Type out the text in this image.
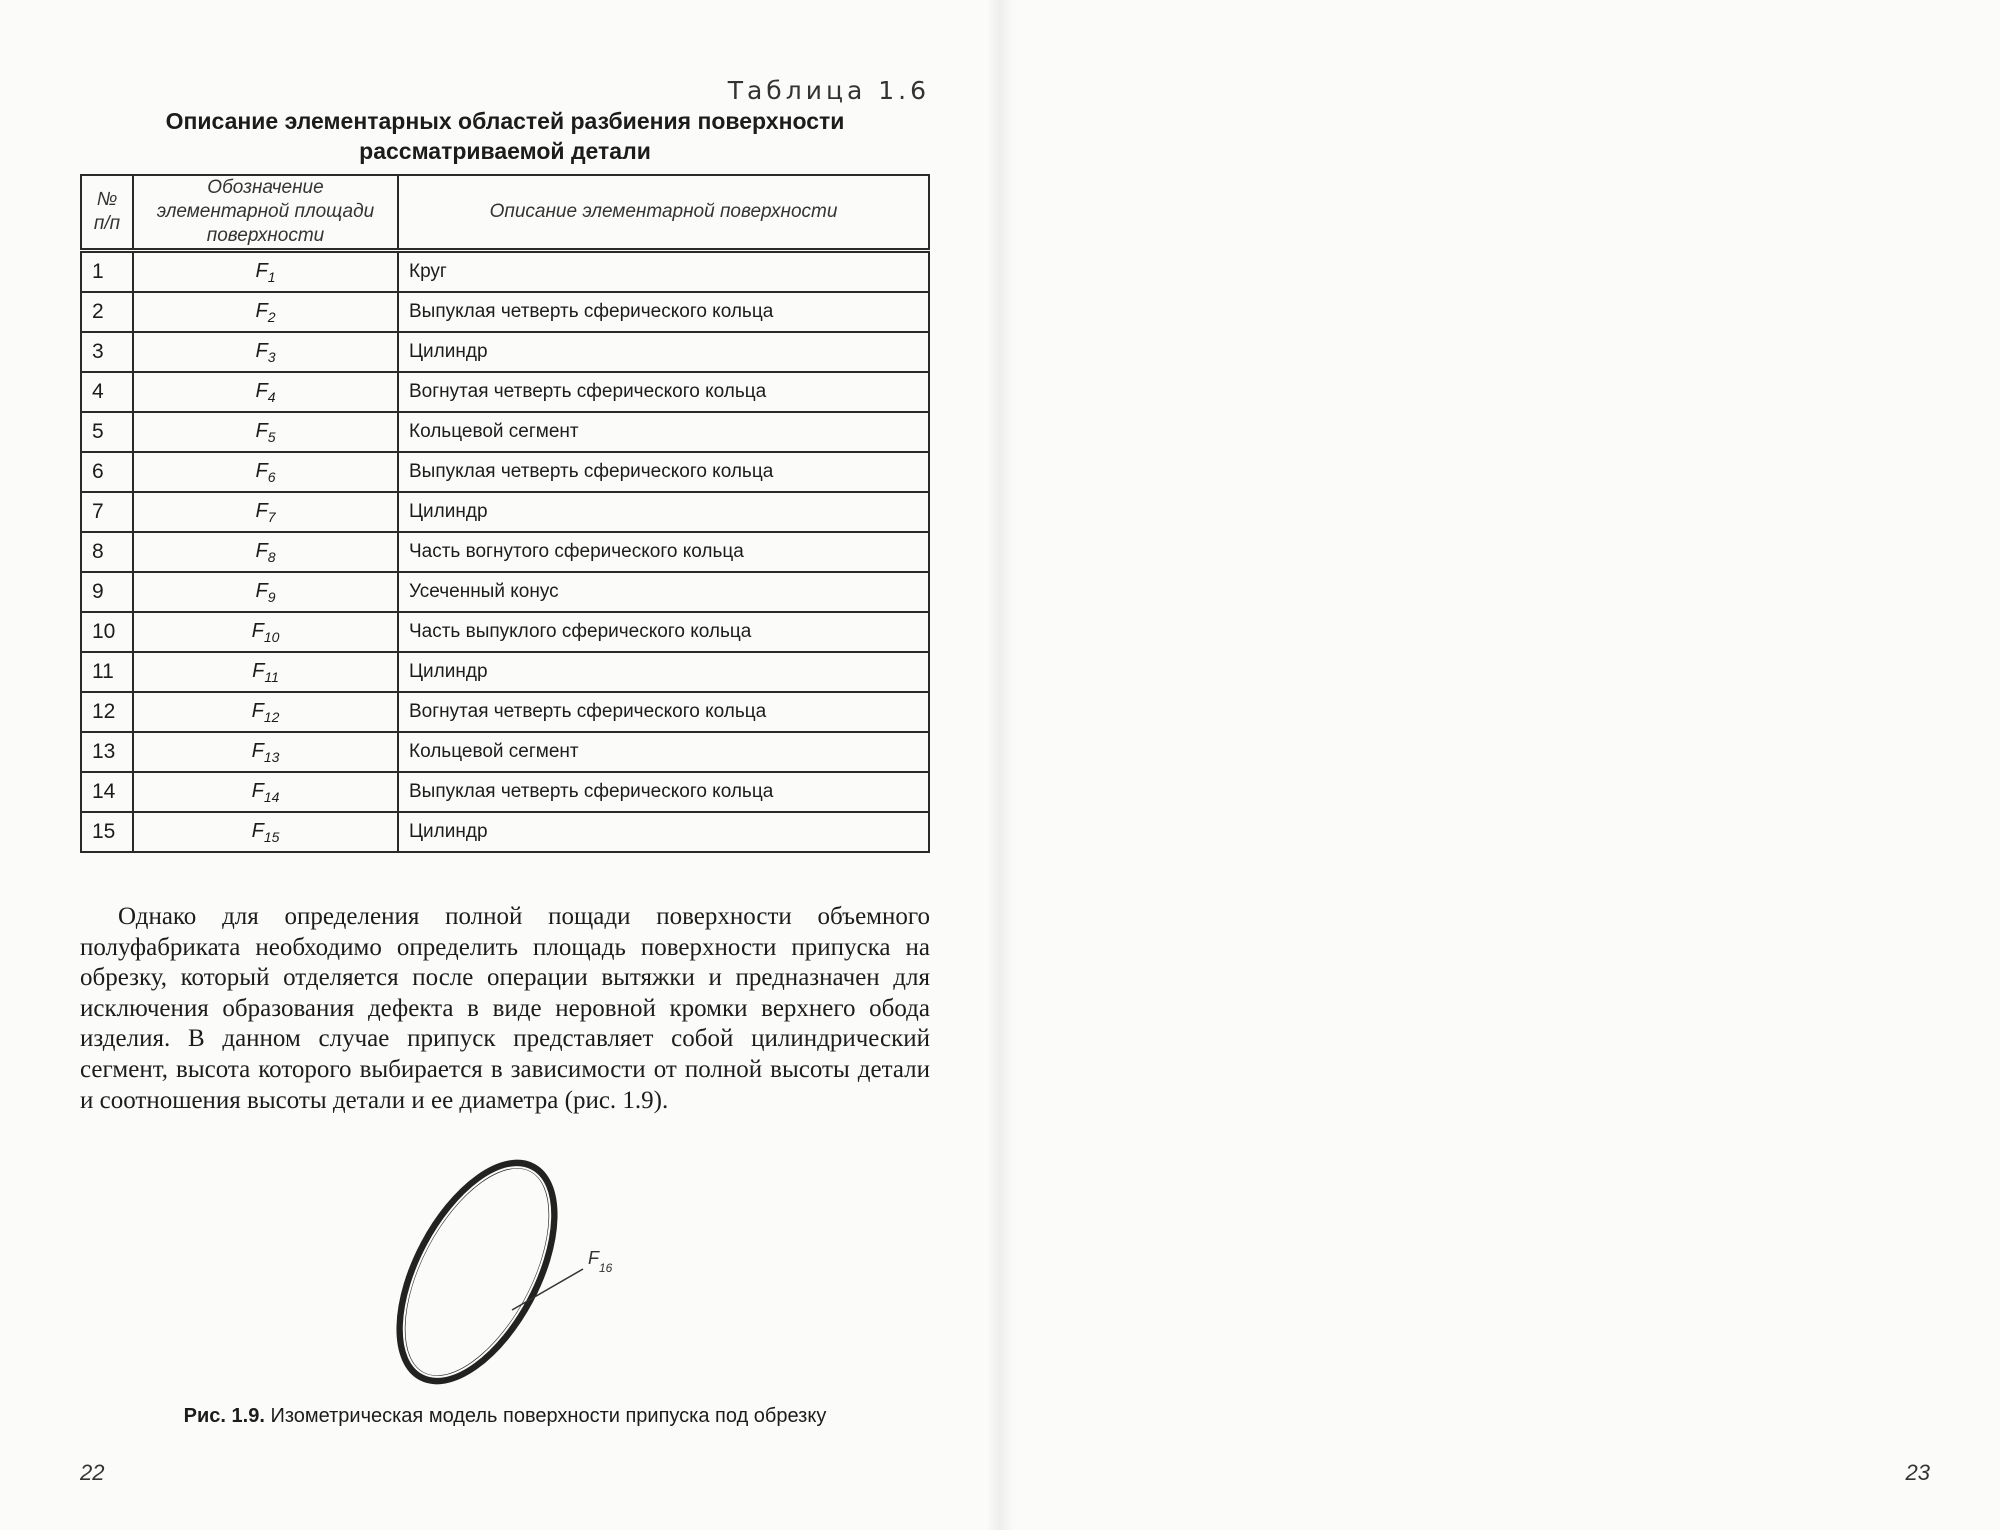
Таблица 1.6
Описание элементарных областей разбиения поверхности
рассматриваемой детали
№ п/п	Обозначение элементарной площади поверхности	Описание элементарной поверхности
1	$F_1$	Круг
2	$F_2$	Выпуклая четверть сферического кольца
3	$F_3$	Цилиндр
4	$F_4$	Вогнутая четверть сферического кольца
5	$F_5$	Кольцевой сегмент
6	$F_6$	Выпуклая четверть сферического кольца
7	$F_7$	Цилиндр
8	$F_8$	Часть вогнутого сферического кольца
9	$F_9$	Усеченный конус
10	$F_{10}$	Часть выпуклого сферического кольца
11	$F_{11}$	Цилиндр
12	$F_{12}$	Вогнутая четверть сферического кольца
13	$F_{13}$	Кольцевой сегмент
14	$F_{14}$	Выпуклая четверть сферического кольца
15	$F_{15}$	Цилиндр

Однако для определения полной пощади поверхности объемного полуфабриката необходимо определить площадь поверхности припуска на обрезку, который отделяется после операции вытяжки и предназначен для исключения образования дефекта в виде неровной кромки верхнего обода изделия. В данном случае припуск представляет собой цилиндрический сегмент, высота которого выбирается в зависимости от полной высоты детали и соотношения высоты детали и ее диаметра (рис. 1.9).

$F_{16}$
Рис. 1.9. Изометрическая модель поверхности припуска под обрезку
22	23
